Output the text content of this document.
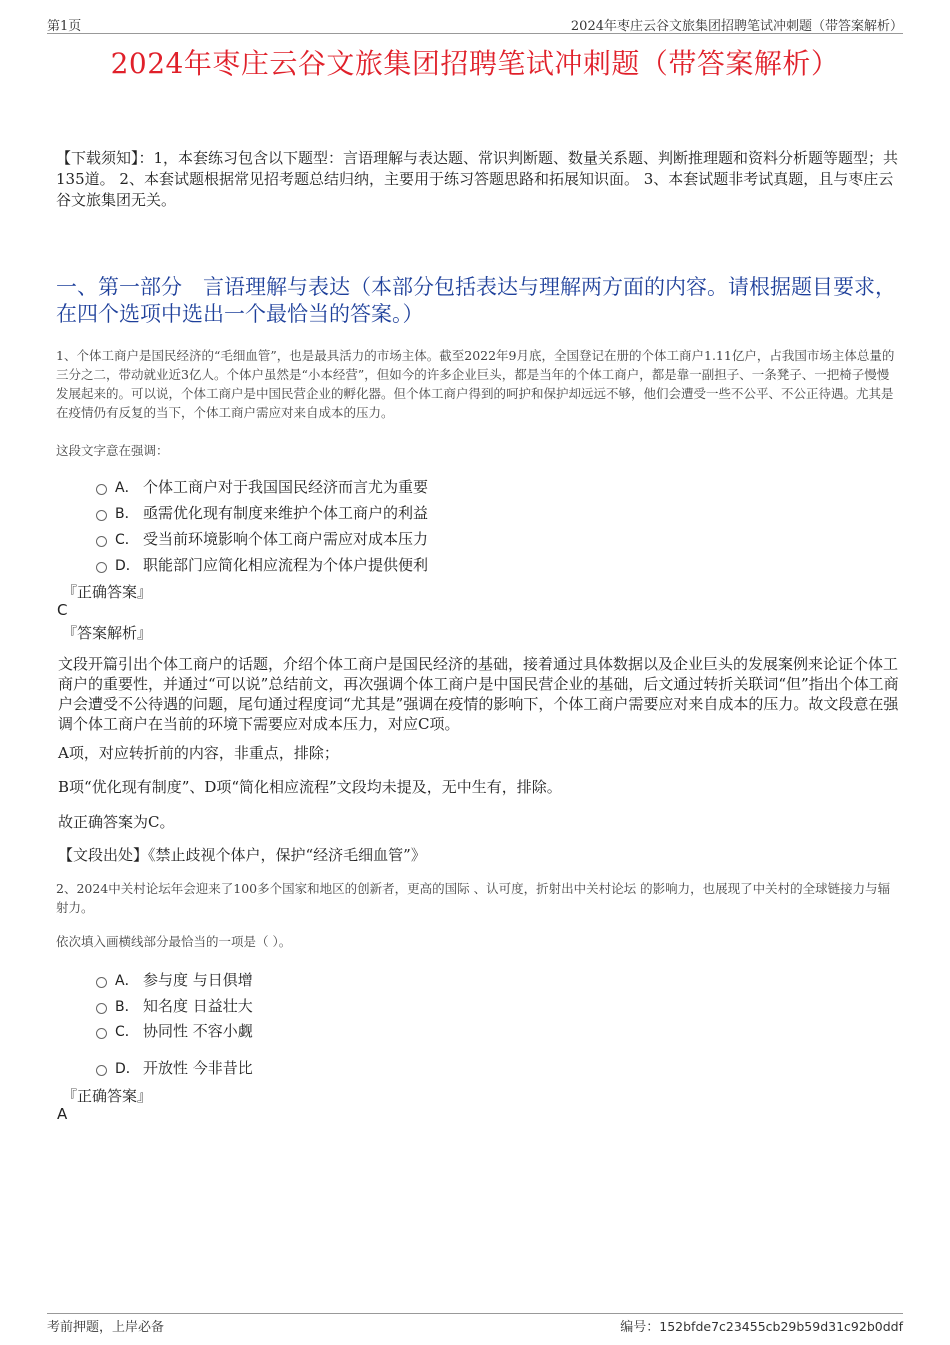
第1页	2024年枣庄云谷文旅集团招聘笔试冲刺题（带答案解析）
2024年枣庄云谷文旅集团招聘笔试冲刺题（带答案解析）
【下载须知】：1，本套练习包含以下题型：言语理解与表达题、常识判断题、数量关系题、判断推理题和资料分析题等题型；共135道。 2、本套试题根据常见招考题总结归纳，主要用于练习答题思路和拓展知识面。 3、本套试题非考试真题，且与枣庄云谷文旅集团无关。
一、第一部分　言语理解与表达（本部分包括表达与理解两方面的内容。请根据题目要求，在四个选项中选出一个最恰当的答案。）
1、个体工商户是国民经济的“毛细血管”，也是最具活力的市场主体。截至2022年9月底，全国登记在册的个体工商户1.11亿户，占我国市场主体总量的三分之二，带动就业近3亿人。个体户虽然是“小本经营”，但如今的许多企业巨头，都是当年的个体工商户，都是靠一副担子、一条凳子、一把椅子慢慢发展起来的。可以说，个体工商户是中国民营企业的孵化器。但个体工商户得到的呵护和保护却远远不够，他们会遭受一些不公平、不公正待遇。尤其是在疫情仍有反复的当下，个体工商户需应对来自成本的压力。
这段文字意在强调：
A． 个体工商户对于我国国民经济而言尤为重要
B． 亟需优化现有制度来维护个体工商户的利益
C． 受当前环境影响个体工商户需应对成本压力
D． 职能部门应简化相应流程为个体户提供便利
『正确答案』
C
『答案解析』
文段开篇引出个体工商户的话题，介绍个体工商户是国民经济的基础，接着通过具体数据以及企业巨头的发展案例来论证个体工商户的重要性，并通过“可以说”总结前文，再次强调个体工商户是中国民营企业的基础，后文通过转折关联词“但”指出个体工商户会遭受不公待遇的问题，尾句通过程度词“尤其是”强调在疫情的影响下，个体工商户需要应对来自成本的压力。故文段意在强调个体工商户在当前的环境下需要应对成本压力，对应C项。
A项，对应转折前的内容，非重点，排除；
B项“优化现有制度”、D项“简化相应流程”文段均未提及，无中生有，排除。
故正确答案为C。
【文段出处】《禁止歧视个体户，保护“经济毛细血管”》
2、2024中关村论坛年会迎来了100多个国家和地区的创新者，更高的国际 、认可度，折射出中关村论坛 的影响力，也展现了中关村的全球链接力与辐射力。
依次填入画横线部分最恰当的一项是（ ）。
A． 参与度 与日俱增
B． 知名度 日益壮大
C． 协同性 不容小觑
D． 开放性 今非昔比
『正确答案』
A
考前押题，上岸必备	编号：152bfde7c23455cb29b59d31c92b0ddf
